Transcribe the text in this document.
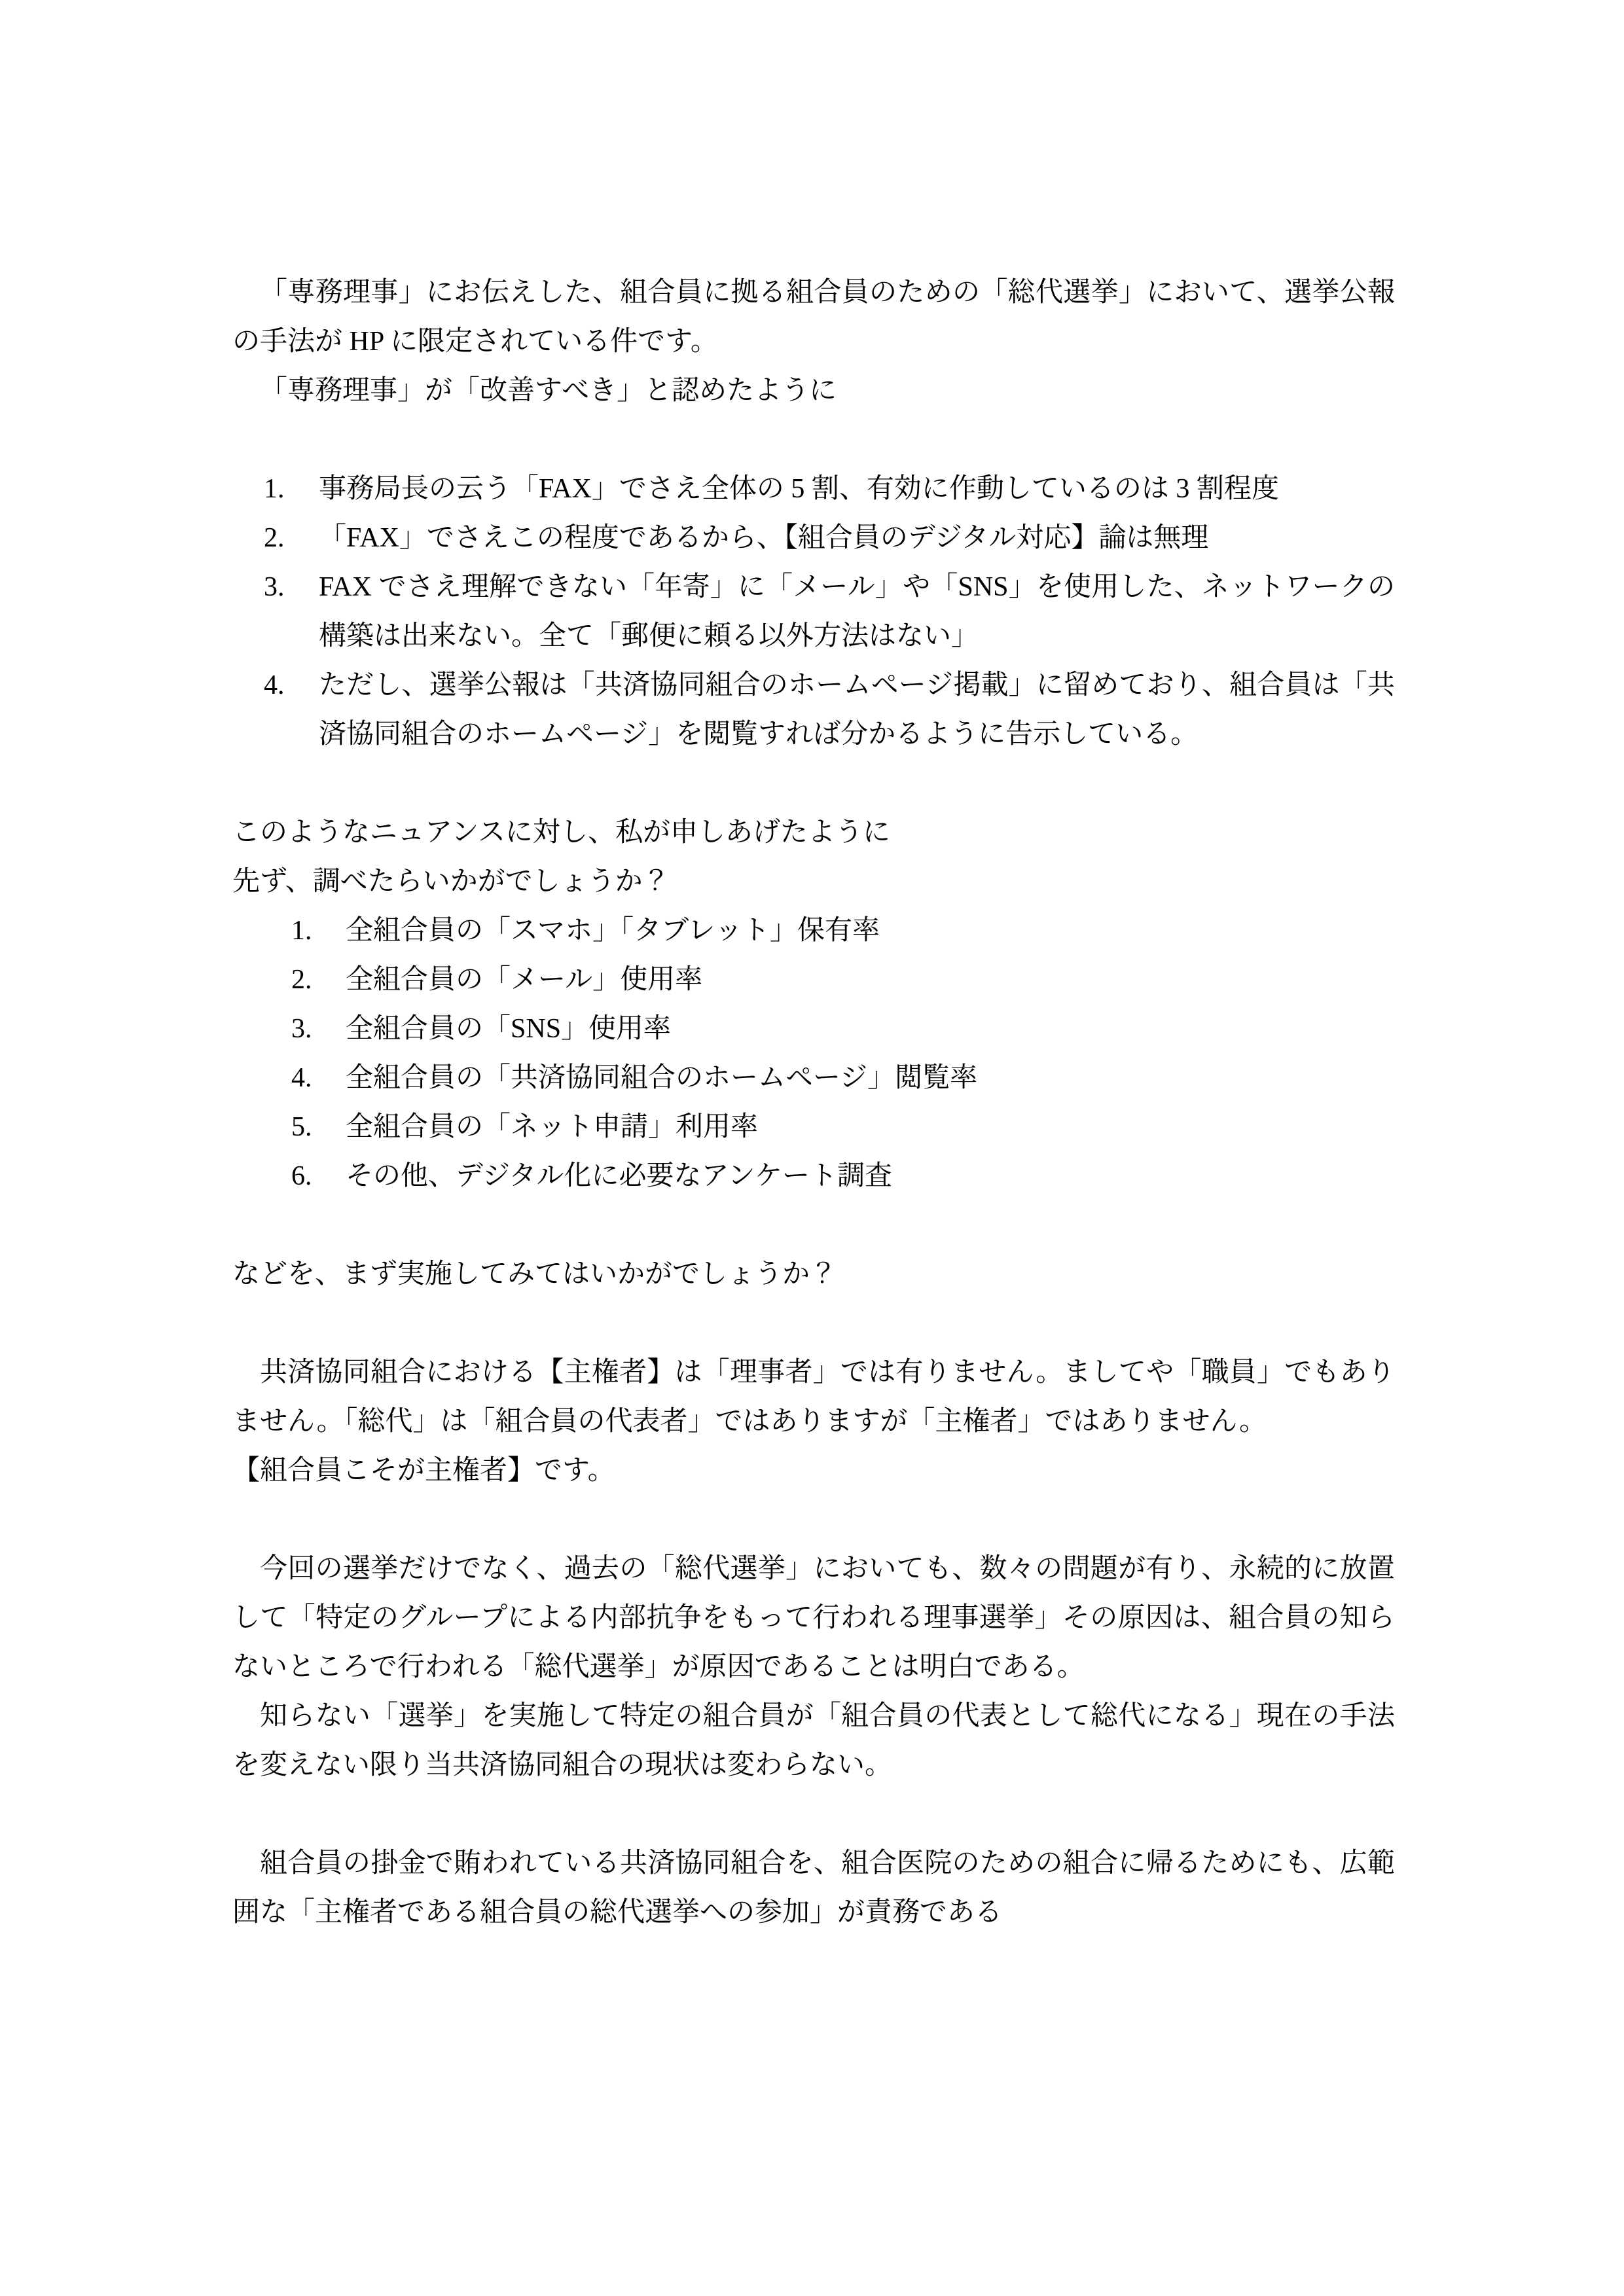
「専務理事」にお伝えした、組合員に拠る組合員のための「総代選挙」において、選挙公報の手法が HP に限定されている件です。

「専務理事」が「改善すべき」と認めたように

1. 事務局長の云う「FAX」でさえ全体の 5 割、有効に作動しているのは 3 割程度
2. 「FAX」でさえこの程度であるから、【組合員のデジタル対応】論は無理
3. FAX でさえ理解できない「年寄」に「メール」や「SNS」を使用した、ネットワークの構築は出来ない。全て「郵便に頼る以外方法はない」
4. ただし、選挙公報は「共済協同組合のホームページ掲載」に留めており、組合員は「共済協同組合のホームページ」を閲覧すれば分かるように告示している。

このようなニュアンスに対し、私が申しあげたように

先ず、調べたらいかがでしょうか？

1. 全組合員の「スマホ」「タブレット」保有率
2. 全組合員の「メール」使用率
3. 全組合員の「SNS」使用率
4. 全組合員の「共済協同組合のホームページ」閲覧率
5. 全組合員の「ネット申請」利用率
6. その他、デジタル化に必要なアンケート調査

などを、まず実施してみてはいかがでしょうか？

共済協同組合における【主権者】は「理事者」では有りません。ましてや「職員」でもありません。「総代」は「組合員の代表者」ではありますが「主権者」ではありません。

【組合員こそが主権者】です。

今回の選挙だけでなく、過去の「総代選挙」においても、数々の問題が有り、永続的に放置して「特定のグループによる内部抗争をもって行われる理事選挙」その原因は、組合員の知らないところで行われる「総代選挙」が原因であることは明白である。

知らない「選挙」を実施して特定の組合員が「組合員の代表として総代になる」現在の手法を変えない限り当共済協同組合の現状は変わらない。

組合員の掛金で賄われている共済協同組合を、組合医院のための組合に帰るためにも、広範囲な「主権者である組合員の総代選挙への参加」が責務である
